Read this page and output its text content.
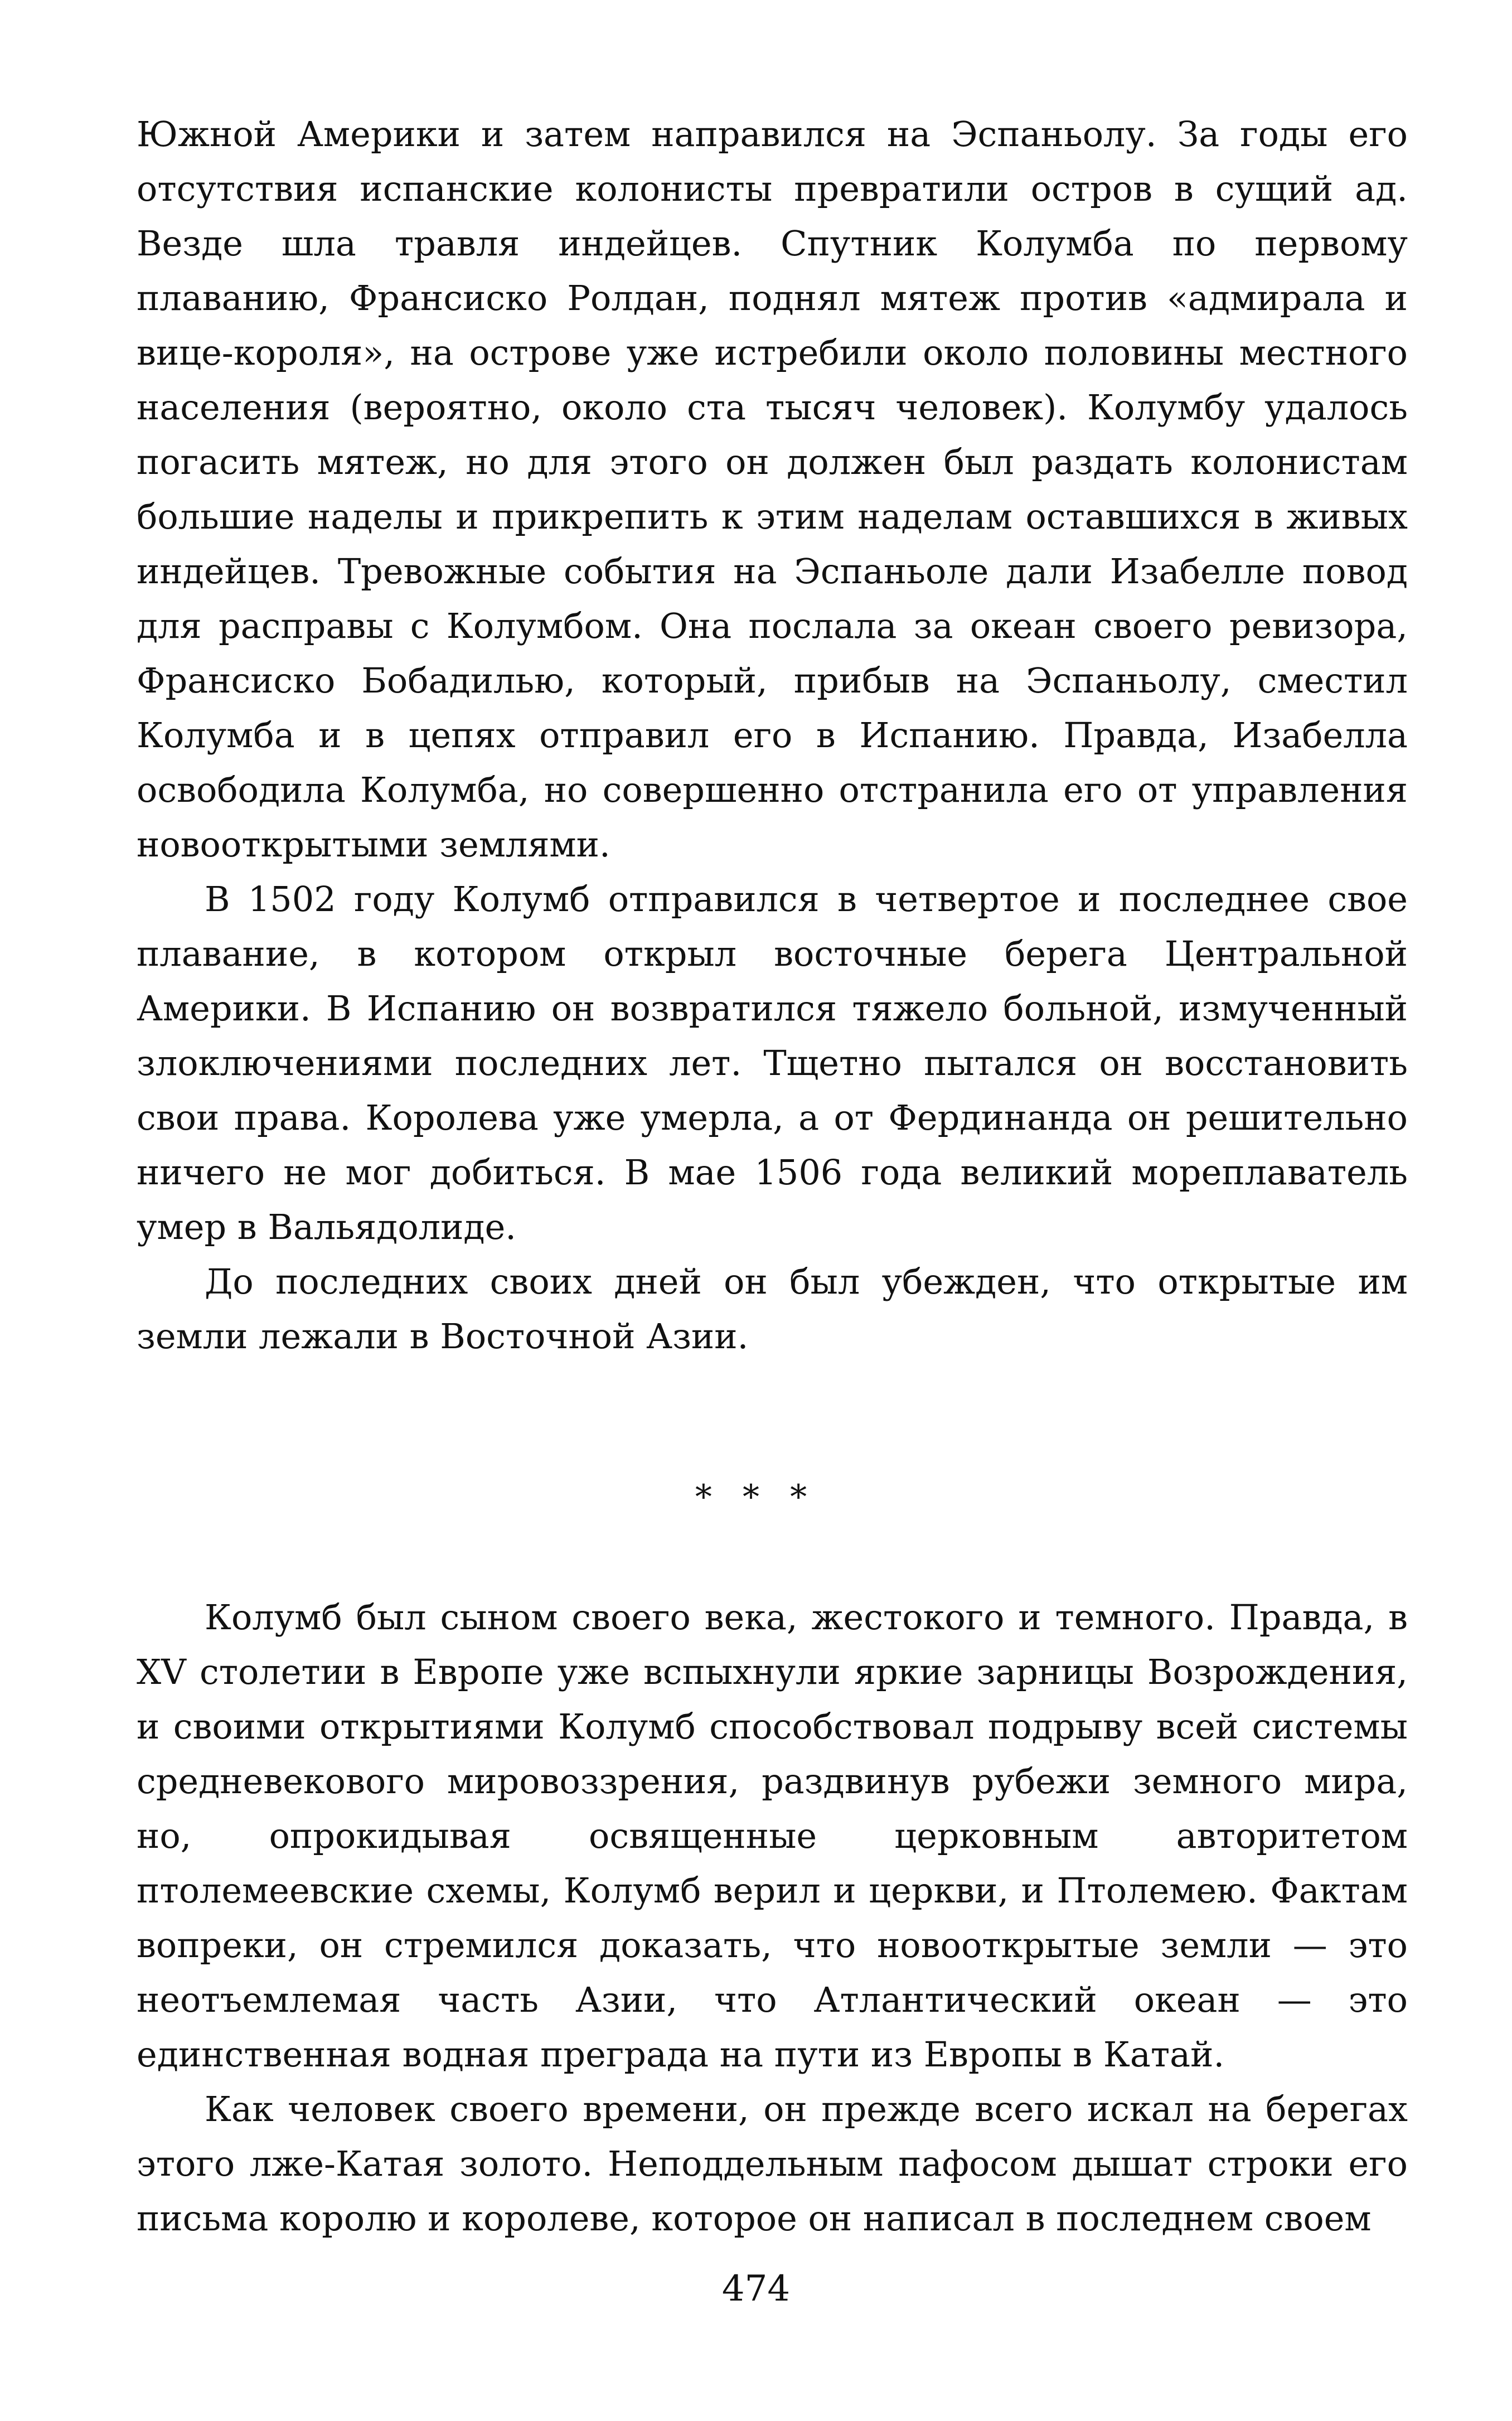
Южной Америки и затем направился на Эспаньолу. За годы его отсутствия испанские колонисты превратили остров в сущий ад. Везде шла травля индейцев. Спутник Колумба по первому плаванию, Франсиско Ролдан, поднял мятеж против «адмирала и вице-короля», на острове уже истребили около половины местного населения (вероятно, около ста тысяч человек). Колумбу удалось погасить мятеж, но для этого он должен был раздать колонистам большие наделы и прикрепить к этим наделам оставшихся в живых индейцев. Тревожные события на Эспаньоле дали Изабелле повод для расправы с Колумбом. Она послала за океан своего ревизора, Франсиско Бобадилью, который, прибыв на Эспаньолу, сместил Колумба и в цепях отправил его в Испанию. Правда, Изабелла освободила Колумба, но совершенно отстранила его от управления новооткрытыми землями.

В 1502 году Колумб отправился в четвертое и последнее свое плавание, в котором открыл восточные берега Центральной Америки. В Испанию он возвратился тяжело больной, измученный злоключениями последних лет. Тщетно пытался он восстановить свои права. Королева уже умерла, а от Фердинанда он решительно ничего не мог добиться. В мае 1506 года великий мореплаватель умер в Вальядолиде.

До последних своих дней он был убежден, что открытые им земли лежали в Восточной Азии.

* * *

Колумб был сыном своего века, жестокого и темного. Правда, в XV столетии в Европе уже вспыхнули яркие зарницы Возрождения, и своими открытиями Колумб способствовал подрыву всей системы средневекового мировоззрения, раздвинув рубежи земного мира, но, опрокидывая освященные церковным авторитетом птолемеевские схемы, Колумб верил и церкви, и Птолемею. Фактам вопреки, он стремился доказать, что новооткрытые земли — это неотъемлемая часть Азии, что Атлантический океан — это единственная водная преграда на пути из Европы в Катай.

Как человек своего времени, он прежде всего искал на берегах этого лже-Катая золото. Неподдельным пафосом дышат строки его письма королю и королеве, которое он написал в последнем своем

474
